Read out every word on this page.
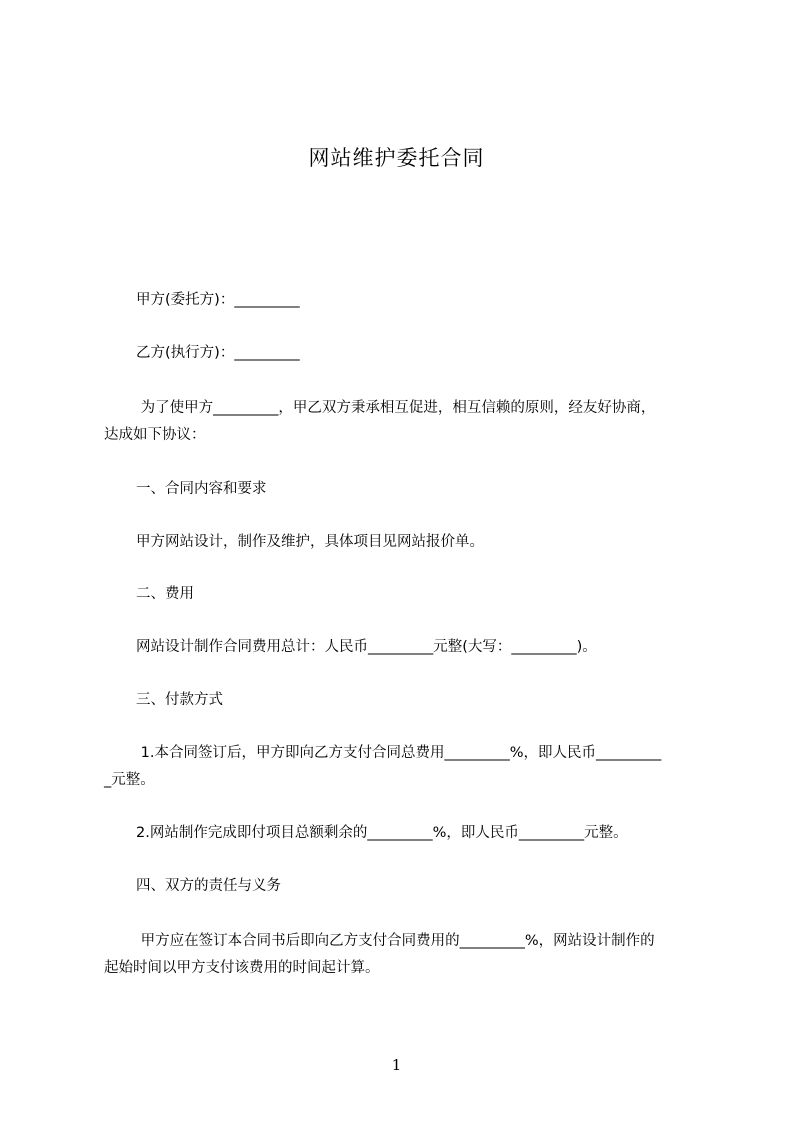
网站维护委托合同
甲方(委托方)：_________
乙方(执行方)：_________
为了使甲方_________，甲乙双方秉承相互促进，相互信赖的原则，经友好协商，
达成如下协议：
一、合同内容和要求
甲方网站设计，制作及维护，具体项目见网站报价单。
二、费用
网站设计制作合同费用总计：人民币_________元整(大写：_________)。
三、付款方式
1.本合同签订后，甲方即向乙方支付合同总费用_________%，即人民币_________
_元整。
2.网站制作完成即付项目总额剩余的_________%，即人民币_________元整。
四、双方的责任与义务
甲方应在签订本合同书后即向乙方支付合同费用的_________%，网站设计制作的
起始时间以甲方支付该费用的时间起计算。
1
